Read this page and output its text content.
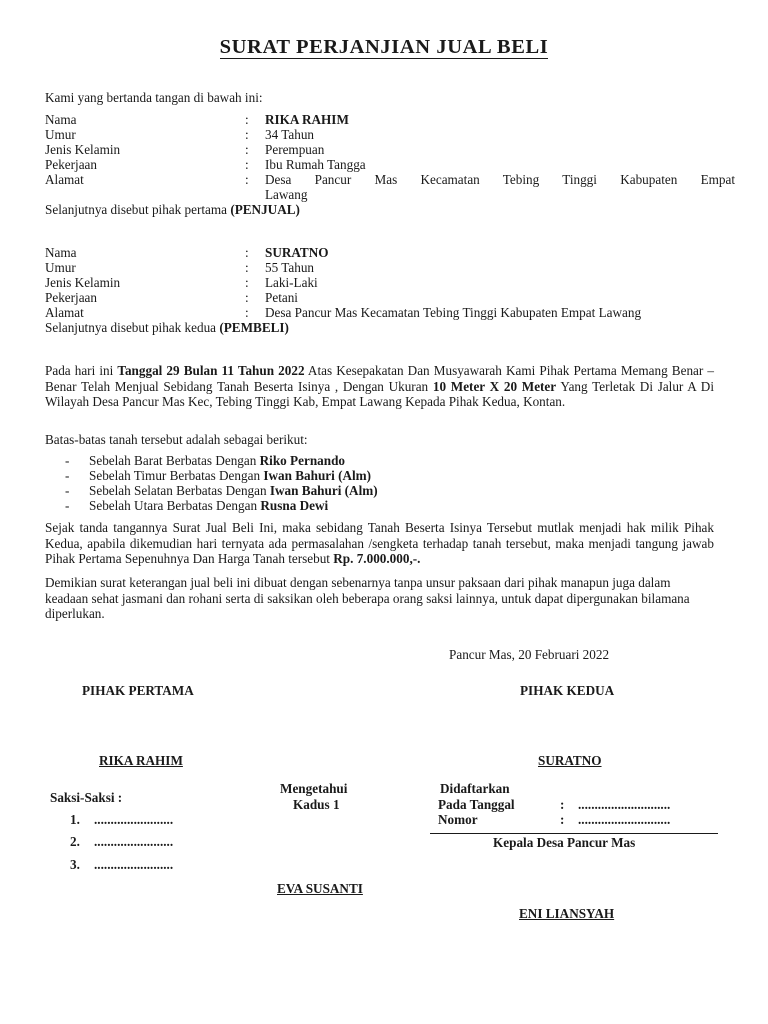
SURAT PERJANJIAN JUAL BELI
Kami yang bertanda tangan di bawah ini:
Nama	: RIKA RAHIM
Umur	: 34 Tahun
Jenis Kelamin	: Perempuan
Pekerjaan	: Ibu Rumah Tangga
Alamat	: Desa Pancur Mas Kecamatan Tebing Tinggi Kabupaten Empat
Lawang
Selanjutnya disebut pihak pertama (PENJUAL)
Nama	: SURATNO
Umur	: 55 Tahun
Jenis Kelamin	: Laki-Laki
Pekerjaan	: Petani
Alamat	: Desa Pancur Mas Kecamatan Tebing Tinggi Kabupaten Empat Lawang
Selanjutnya disebut pihak kedua (PEMBELI)

Pada hari ini Tanggal 29 Bulan 11 Tahun 2022 Atas Kesepakatan Dan Musyawarah Kami Pihak Pertama Memang Benar – Benar Telah Menjual Sebidang Tanah Beserta Isinya , Dengan Ukuran 10 Meter X 20 Meter Yang Terletak Di Jalur A Di Wilayah Desa Pancur Mas Kec, Tebing Tinggi Kab, Empat Lawang Kepada Pihak Kedua, Kontan.

Batas-batas tanah tersebut adalah sebagai berikut:
- Sebelah Barat Berbatas Dengan Riko Pernando
- Sebelah Timur Berbatas Dengan Iwan Bahuri (Alm)
- Sebelah Selatan Berbatas Dengan Iwan Bahuri (Alm)
- Sebelah Utara Berbatas Dengan Rusna Dewi

Sejak tanda tangannya Surat Jual Beli Ini, maka sebidang Tanah Beserta Isinya Tersebut mutlak menjadi hak milik Pihak Kedua, apabila dikemudian hari ternyata ada permasalahan /sengketa terhadap tanah tersebut, maka menjadi tangung jawab Pihak Pertama Sepenuhnya Dan Harga Tanah tersebut Rp. 7.000.000,-.

Demikian surat keterangan jual beli ini dibuat dengan sebenarnya tanpa unsur paksaan dari pihak manapun juga dalam keadaan sehat jasmani dan rohani serta di saksikan oleh beberapa orang saksi lainnya, untuk dapat dipergunakan bilamana diperlukan.

Pancur Mas, 20 Februari 2022
PIHAK PERTAMA	PIHAK KEDUA
RIKA RAHIM	SURATNO
Saksi-Saksi :
1. ........................
2. ........................
3. ........................
Mengetahui
Kadus 1
EVA SUSANTI
Didaftarkan
Pada Tanggal	: ............................
Nomor	: ............................
Kepala Desa Pancur Mas
ENI LIANSYAH
